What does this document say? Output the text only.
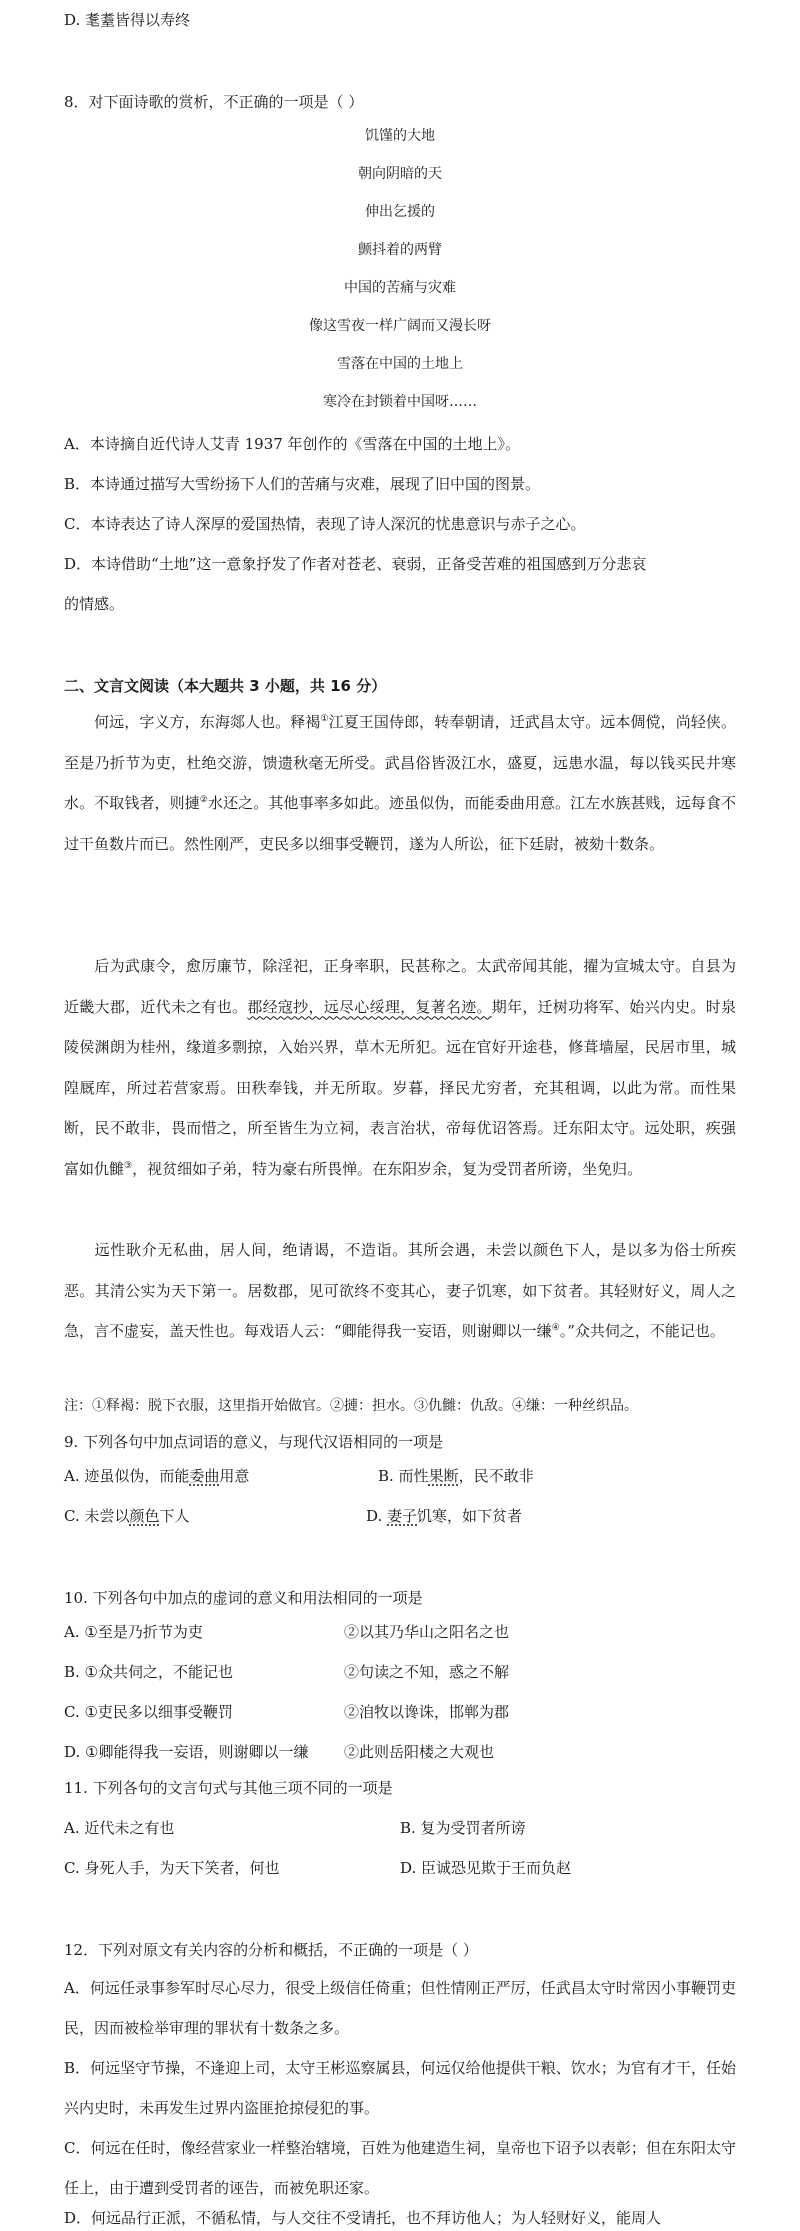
D. 耄耋皆得以寿终
8．对下面诗歌的赏析，不正确的一项是（ ）
饥馑的大地
朝向阴暗的天
伸出乞援的
颤抖着的两臂
中国的苦痛与灾难
像这雪夜一样广阔而又漫长呀
雪落在中国的土地上
寒冷在封锁着中国呀……
A．本诗摘自近代诗人艾青 1937 年创作的《雪落在中国的土地上》。
B．本诗通过描写大雪纷扬下人们的苦痛与灾难，展现了旧中国的图景。
C．本诗表达了诗人深厚的爱国热情，表现了诗人深沉的忧患意识与赤子之心。
D．本诗借助“土地”这一意象抒发了作者对苍老、衰弱，正备受苦难的祖国感到万分悲哀
的情感。
二、文言文阅读（本大题共 3 小题，共 16 分）
何远，字义方，东海郯人也。释褐①江夏王国侍郎，转奉朝请，迁武昌太守。远本倜傥，尚轻侠。至是乃折节为吏，杜绝交游，馈遗秋毫无所受。武昌俗皆汲江水，盛夏，远患水温，每以钱买民井寒水。不取钱者，则摙②水还之。其他事率多如此。迹虽似伪，而能委曲用意。江左水族甚贱，远每食不过干鱼数片而已。然性刚严，吏民多以细事受鞭罚，遂为人所讼，征下廷尉，被劾十数条。
后为武康令，愈厉廉节，除淫祀，正身率职，民甚称之。太武帝闻其能，擢为宣城太守。自县为近畿大郡，近代未之有也。郡经寇抄，远尽心绥理，复著名迹。期年，迁树功将军、始兴内史。时泉陵侯渊朗为桂州，缘道多剽掠，入始兴界，草木无所犯。远在官好开途巷，修葺墙屋，民居市里，城隍厩库，所过若营家焉。田秩奉钱，并无所取。岁暮，择民尤穷者，充其租调，以此为常。而性果断，民不敢非，畏而惜之，所至皆生为立祠，表言治状，帝每优诏答焉。迁东阳太守。远处职，疾强富如仇雠③，视贫细如子弟，特为豪右所畏惮。在东阳岁余，复为受罚者所谤，坐免归。
远性耿介无私曲，居人间，绝请谒，不造诣。其所会遇，未尝以颜色下人，是以多为俗士所疾恶。其清公实为天下第一。居数郡，见可欲终不变其心，妻子饥寒，如下贫者。其轻财好义，周人之急，言不虚妄，盖天性也。每戏语人云：“卿能得我一妄语，则谢卿以一缣④。”众共伺之，不能记也。
注：①释褐：脱下衣服，这里指开始做官。②摙：担水。③仇雠：仇敌。④缣：一种丝织品。
9. 下列各句中加点词语的意义，与现代汉语相同的一项是
A. 迹虽似伪，而能委曲用意	B. 而性果断，民不敢非
C. 未尝以颜色下人	D. 妻子饥寒，如下贫者
10. 下列各句中加点的虚词的意义和用法相同的一项是
A. ①至是乃折节为吏	②以其乃华山之阳名之也
B. ①众共伺之，不能记也	②句读之不知，惑之不解
C. ①吏民多以细事受鞭罚	②洎牧以谗诛，邯郸为郡
D. ①卿能得我一妄语，则谢卿以一缣 ②此则岳阳楼之大观也
11. 下列各句的文言句式与其他三项不同的一项是
A. 近代未之有也	B. 复为受罚者所谤
C. 身死人手，为天下笑者，何也	D. 臣诚恐见欺于王而负赵
12．下列对原文有关内容的分析和概括，不正确的一项是（ ）
A．何远任录事参军时尽心尽力，很受上级信任倚重；但性情刚正严厉，任武昌太守时常因小事鞭罚吏民，因而被检举审理的罪状有十数条之多。
B．何远坚守节操，不逢迎上司，太守王彬巡察属县，何远仅给他提供干粮、饮水；为官有才干，任始兴内史时，未再发生过界内盗匪抢掠侵犯的事。
C．何远在任时，像经营家业一样整治辖境，百姓为他建造生祠，皇帝也下诏予以表彰；但在东阳太守任上，由于遭到受罚者的诬告，而被免职还家。
D．何远品行正派，不循私情，与人交往不受请托，也不拜访他人；为人轻财好义，能周人
